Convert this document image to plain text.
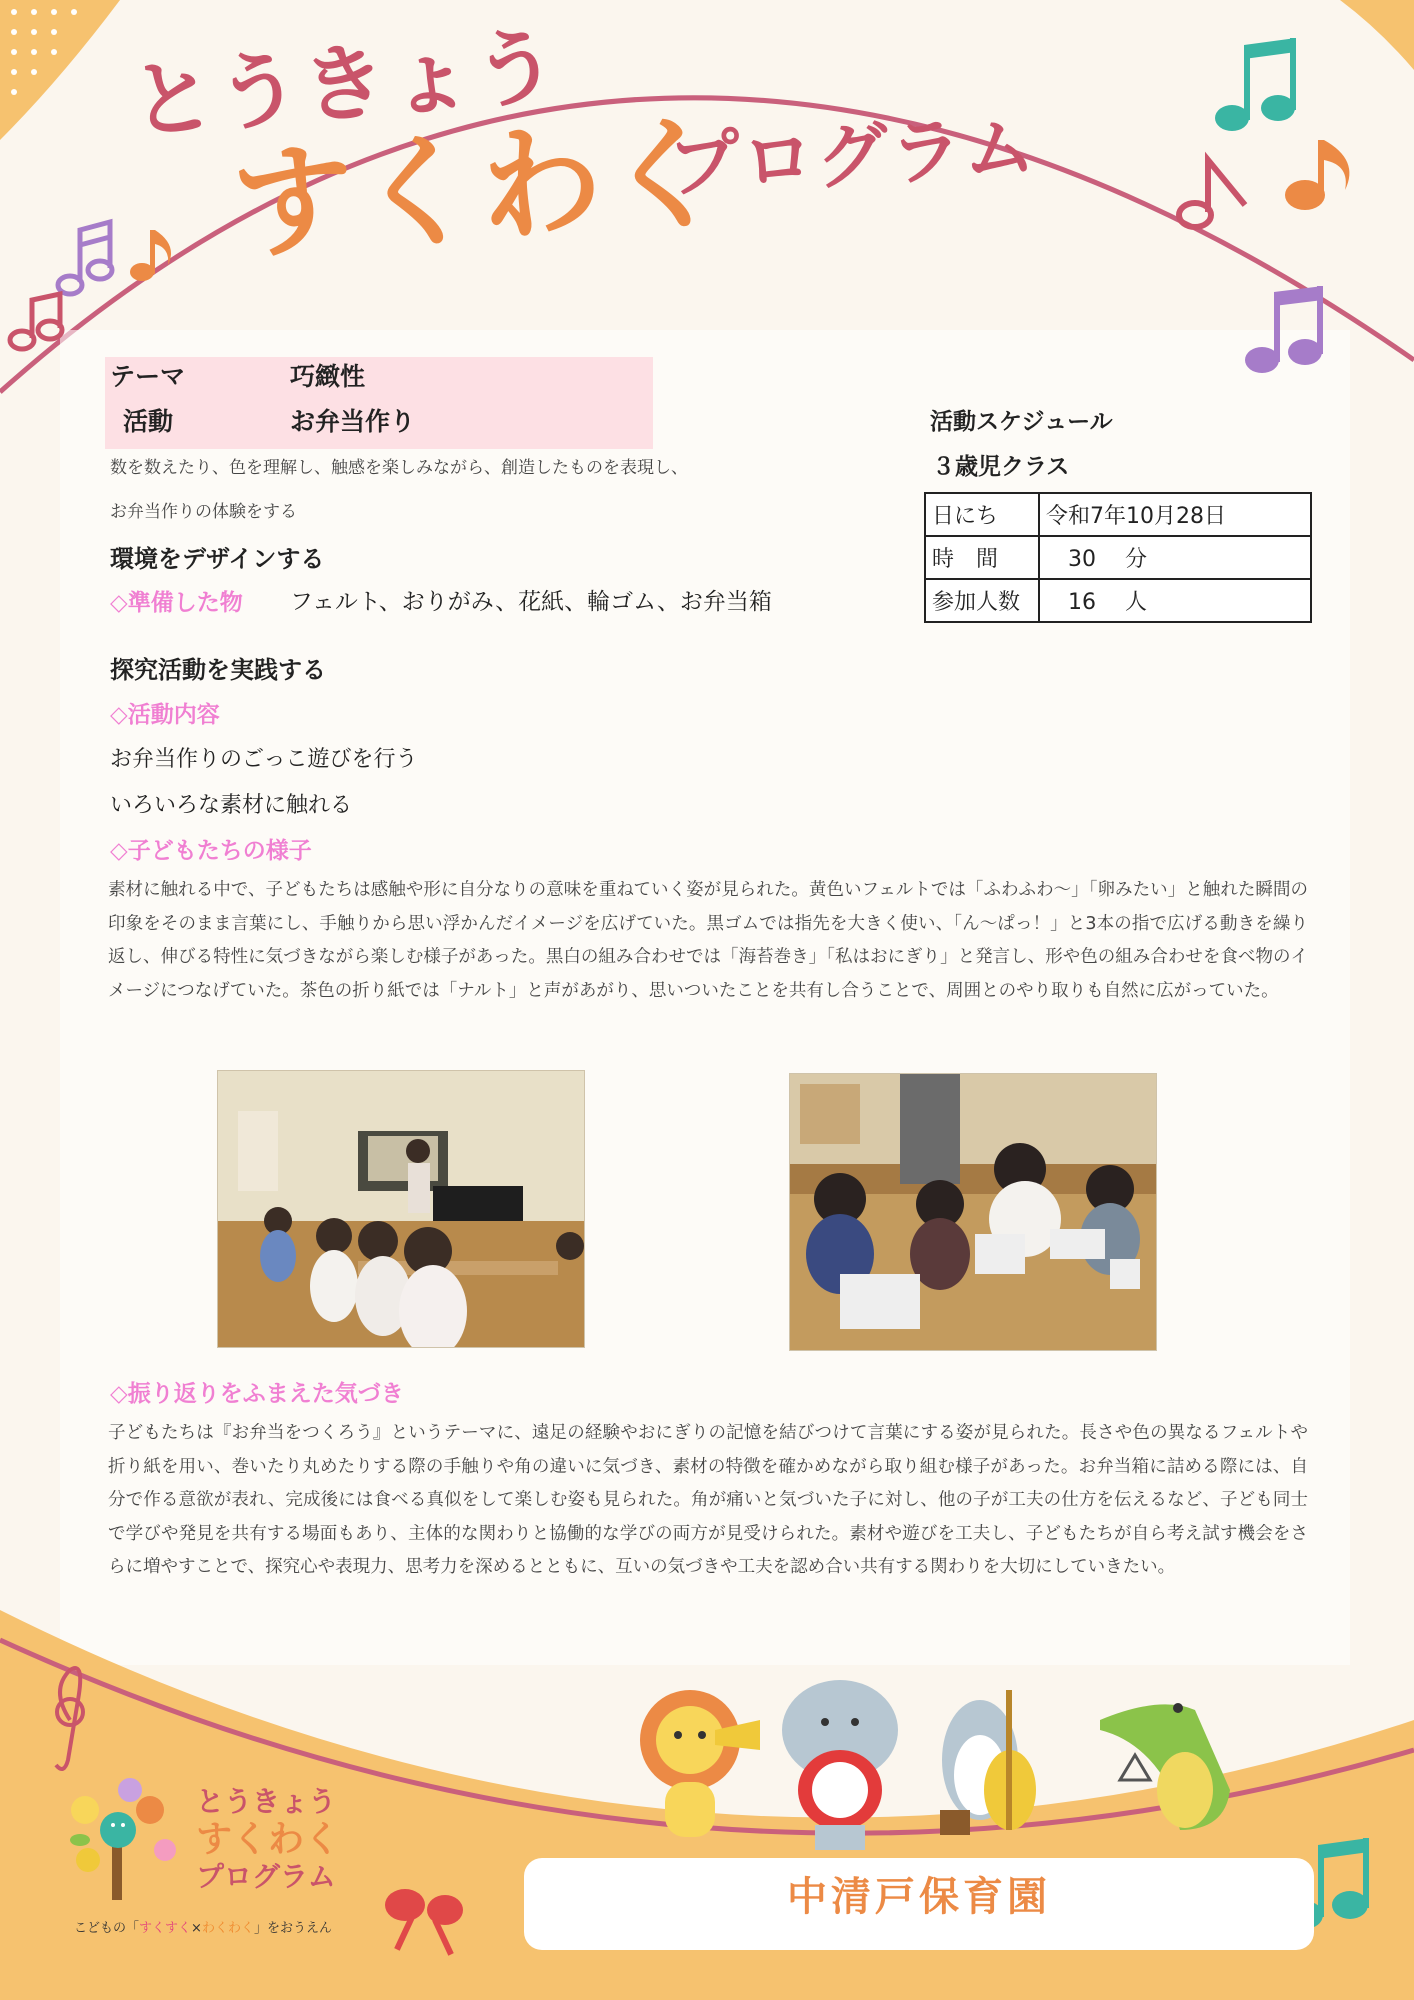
とうきょう
すくわく
プログラム
テーマ	巧緻性
活動	お弁当作り
数を数えたり、色を理解し、触感を楽しみながら、創造したものを表現し、
お弁当作りの体験をする
環境をデザインする
◇準備した物 フェルト、おりがみ、花紙、輪ゴム、お弁当箱
活動スケジュール
３歳児クラス
日にち	令和7年10月28日
時　間	　30　 分
参加人数	　16　 人
探究活動を実践する
◇活動内容
お弁当作りのごっこ遊びを行う
いろいろな素材に触れる
◇子どもたちの様子
素材に触れる中で、子どもたちは感触や形に自分なりの意味を重ねていく姿が見られた。黄色いフェルトでは「ふわふわ〜」「卵みたい」と触れた瞬間の印象をそのまま言葉にし、手触りから思い浮かんだイメージを広げていた。黒ゴムでは指先を大きく使い、「ん〜ぱっ！」と3本の指で広げる動きを繰り返し、伸びる特性に気づきながら楽しむ様子があった。黒白の組み合わせでは「海苔巻き」「私はおにぎり」と発言し、形や色の組み合わせを食べ物のイメージにつなげていた。茶色の折り紙では「ナルト」と声があがり、思いついたことを共有し合うことで、周囲とのやり取りも自然に広がっていた。
◇振り返りをふまえた気づき
子どもたちは『お弁当をつくろう』というテーマに、遠足の経験やおにぎりの記憶を結びつけて言葉にする姿が見られた。長さや色の異なるフェルトや折り紙を用い、巻いたり丸めたりする際の手触りや角の違いに気づき、素材の特徴を確かめながら取り組む様子があった。お弁当箱に詰める際には、自分で作る意欲が表れ、完成後には食べる真似をして楽しむ姿も見られた。角が痛いと気づいた子に対し、他の子が工夫の仕方を伝えるなど、子ども同士で学びや発見を共有する場面もあり、主体的な関わりと協働的な学びの両方が見受けられた。素材や遊びを工夫し、子どもたちが自ら考え試す機会をさらに増やすことで、探究心や表現力、思考力を深めるとともに、互いの気づきや工夫を認め合い共有する関わりを大切にしていきたい。
とうきょう
すくわく
プログラム
こどもの「すくすく×わくわく」をおうえん
中清戸保育園
